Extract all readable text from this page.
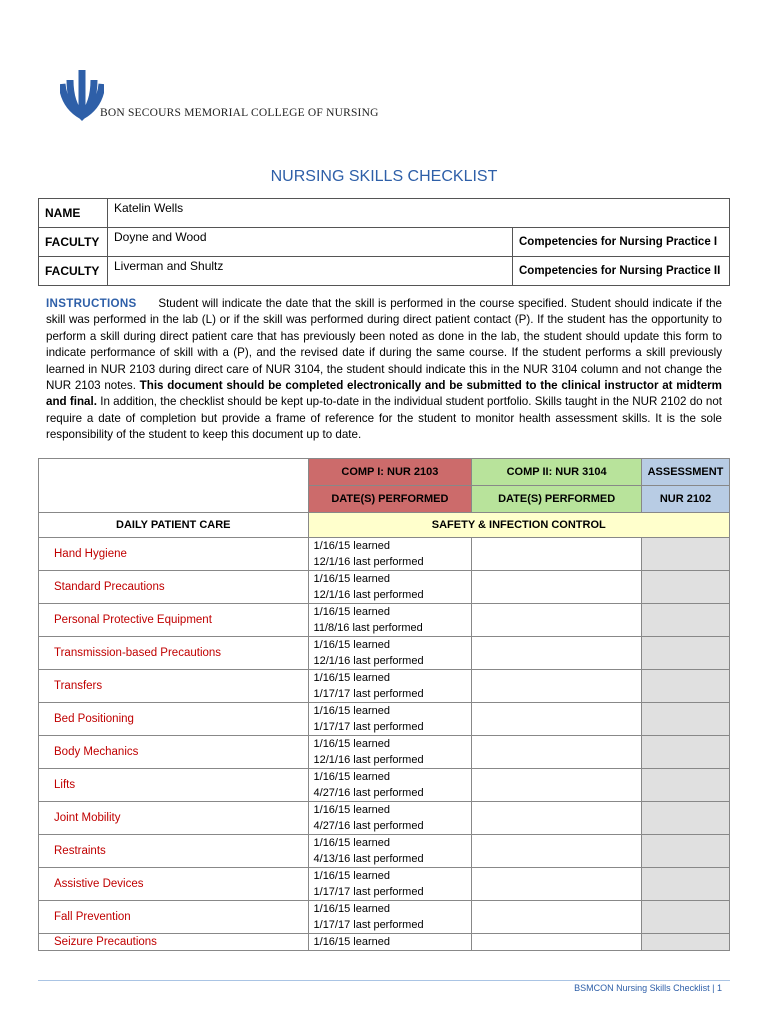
BON SECOURS MEMORIAL COLLEGE OF NURSING
NURSING SKILLS CHECKLIST
NAME	Katelin Wells	
FACULTY	Doyne and Wood	Competencies for Nursing Practice I
FACULTY	Liverman and Shultz	Competencies for Nursing Practice II
INSTRUCTIONS Student will indicate the date that the skill is performed in the course specified. Student should indicate if the skill was performed in the lab (L) or if the skill was performed during direct patient contact (P). If the student has the opportunity to perform a skill during direct patient care that has previously been noted as done in the lab, the student should update this form to indicate performance of skill with a (P), and the revised date if during the same course. If the student performs a skill previously learned in NUR 2103 during direct care of NUR 3104, the student should indicate this in the NUR 3104 column and not change the NUR 2103 notes. This document should be completed electronically and be submitted to the clinical instructor at midterm and final. In addition, the checklist should be kept up-to-date in the individual student portfolio. Skills taught in the NUR 2102 do not require a date of completion but provide a frame of reference for the student to monitor health assessment skills. It is the sole responsibility of the student to keep this document up to date.

	COMP I: NUR 2103	COMP II: NUR 3104	ASSESSMENT

	DATE(S) PERFORMED	DATE(S) PERFORMED	NUR 2102

DAILY PATIENT CARE	SAFETY & INFECTION CONTROL		
Hand Hygiene	1/16/15 learned
12/1/16 last performed		

Standard Precautions	1/16/15 learned
12/1/16 last performed		

Personal Protective Equipment	1/16/15 learned
11/8/16 last performed		

Transmission-based Precautions	1/16/15 learned
12/1/16 last performed		

Transfers	1/16/15 learned
1/17/17 last performed		

Bed Positioning	1/16/15 learned
1/17/17 last performed		

Body Mechanics	1/16/15 learned
12/1/16 last performed		

Lifts	1/16/15 learned
4/27/16 last performed		

Joint Mobility	1/16/15 learned
4/27/16 last performed		

Restraints	1/16/15 learned
4/13/16 last performed		

Assistive Devices	1/16/15 learned
1/17/17 last performed		

Fall Prevention	1/16/15 learned
1/17/17 last performed		

Seizure Precautions	1/16/15 learned		

BSMCON Nursing Skills Checklist | 1
